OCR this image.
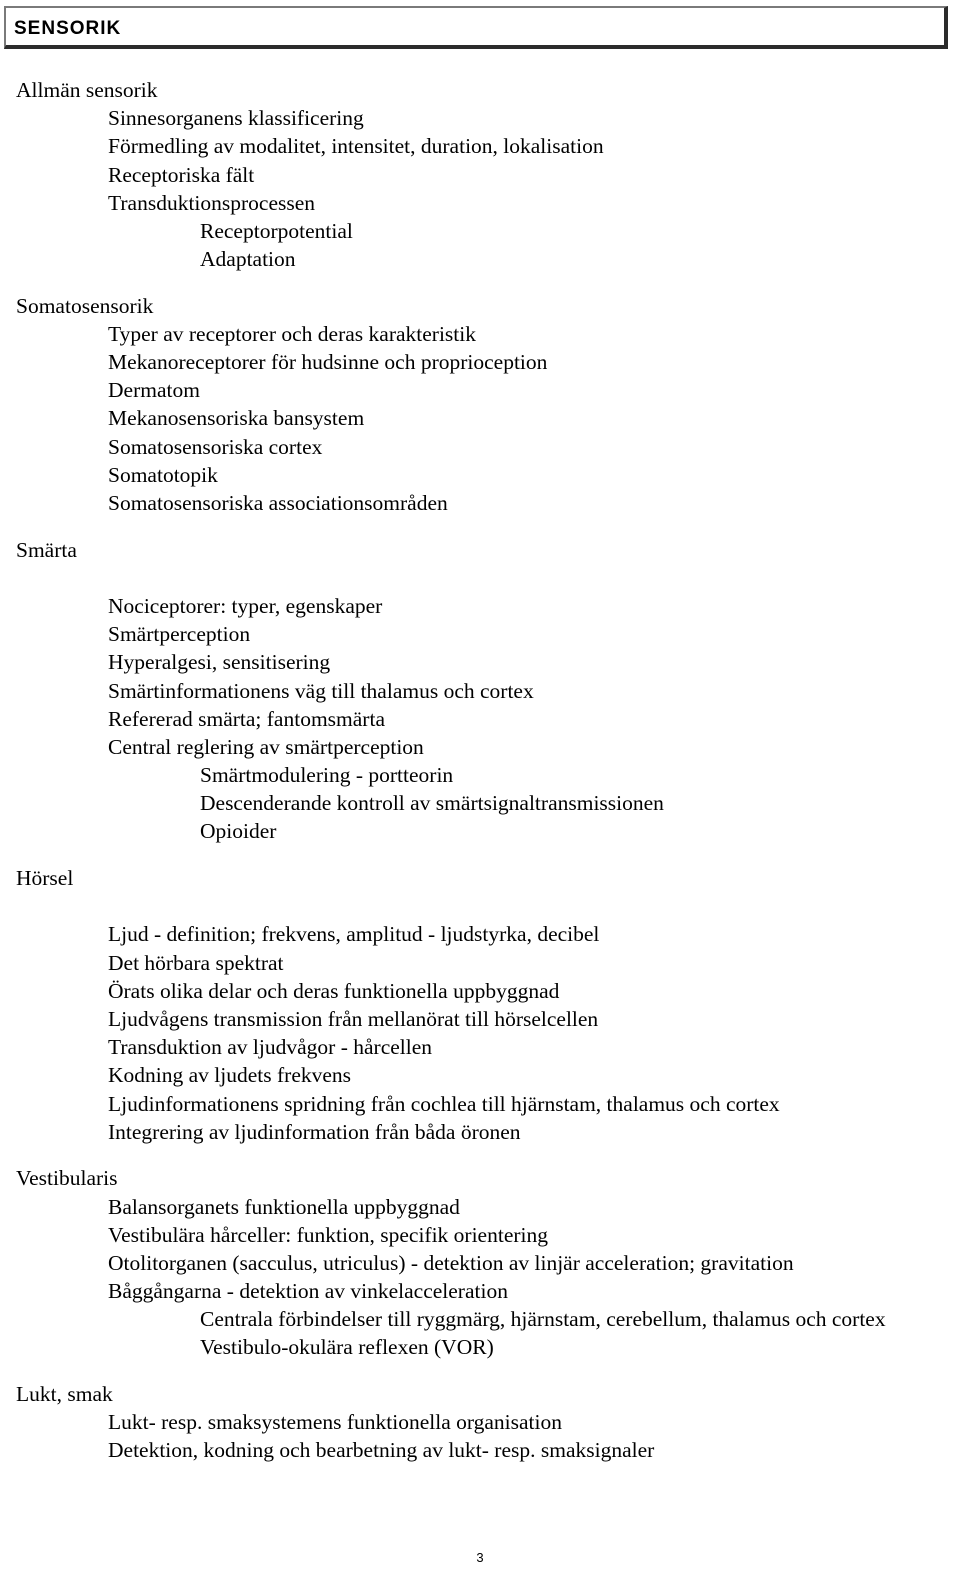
SENSORIK
Allmän sensorik
Sinnesorganens klassificering
Förmedling av modalitet, intensitet, duration, lokalisation
Receptoriska fält
Transduktionsprocessen
Receptorpotential
Adaptation
Somatosensorik
Typer av receptorer och deras karakteristik
Mekanoreceptorer för hudsinne och proprioception
Dermatom
Mekanosensoriska bansystem
Somatosensoriska cortex
Somatotopik
Somatosensoriska associationsområden
Smärta
Nociceptorer: typer, egenskaper
Smärtperception
Hyperalgesi, sensitisering
Smärtinformationens väg till thalamus och cortex
Refererad smärta; fantomsmärta
Central reglering av smärtperception
Smärtmodulering - portteorin
Descenderande kontroll av smärtsignaltransmissionen
Opioider
Hörsel
Ljud - definition; frekvens, amplitud - ljudstyrka, decibel
Det hörbara spektrat
Örats olika delar och deras funktionella uppbyggnad
Ljudvågens transmission från mellanörat till hörselcellen
Transduktion av ljudvågor - hårcellen
Kodning av ljudets frekvens
Ljudinformationens spridning från cochlea till hjärnstam, thalamus och cortex
Integrering av ljudinformation från båda öronen
Vestibularis
Balansorganets funktionella uppbyggnad
Vestibulära hårceller: funktion, specifik orientering
Otolitorganen (sacculus, utriculus) - detektion av linjär acceleration; gravitation
Båggångarna - detektion av vinkelacceleration
Centrala förbindelser till ryggmärg, hjärnstam, cerebellum, thalamus och cortex
Vestibulo-okulära reflexen (VOR)
Lukt, smak
Lukt- resp. smaksystemens funktionella organisation
Detektion, kodning och bearbetning av lukt- resp. smaksignaler
3
